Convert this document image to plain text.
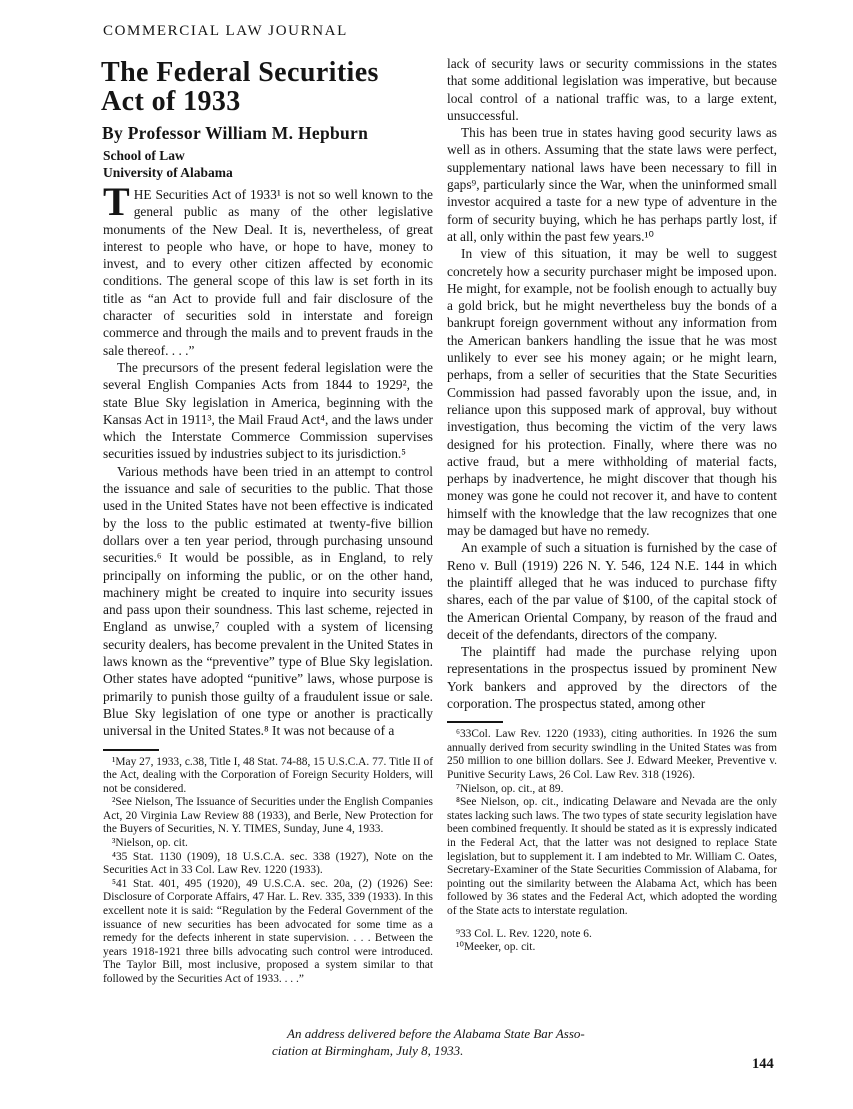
COMMERCIAL LAW JOURNAL
The Federal Securities
Act of 1933
By Professor William M. Hepburn
School of Law
University of Alabama

THE Securities Act of 1933¹ is not so well known to the general public as many of the other legislative monuments of the New Deal. It is, nevertheless, of great interest to people who have, or hope to have, money to invest, and to every other citizen affected by economic conditions. The general scope of this law is set forth in its title as “an Act to provide full and fair disclosure of the character of securities sold in interstate and foreign commerce and through the mails and to prevent frauds in the sale thereof. . . .”

The precursors of the present federal legislation were the several English Companies Acts from 1844 to 1929², the state Blue Sky legislation in America, beginning with the Kansas Act in 1911³, the Mail Fraud Act⁴, and the laws under which the Interstate Commerce Commission supervises securities issued by industries subject to its jurisdiction.⁵

Various methods have been tried in an attempt to control the issuance and sale of securities to the public. That those used in the United States have not been effective is indicated by the loss to the public estimated at twenty-five billion dollars over a ten year period, through purchasing unsound securities.⁶ It would be possible, as in England, to rely principally on informing the public, or on the other hand, machinery might be created to inquire into security issues and pass upon their soundness. This last scheme, rejected in England as unwise,⁷ coupled with a system of licensing security dealers, has become prevalent in the United States in laws known as the “preventive” type of Blue Sky legislation. Other states have adopted “punitive” laws, whose purpose is primarily to punish those guilty of a fraudulent issue or sale. Blue Sky legislation of one type or another is practically universal in the United States.⁸ It was not because of a

¹May 27, 1933, c.38, Title I, 48 Stat. 74-88, 15 U.S.C.A. 77. Title II of the Act, dealing with the Corporation of Foreign Security Holders, will not be considered.

²See Nielson, The Issuance of Securities under the English Companies Act, 20 Virginia Law Review 88 (1933), and Berle, New Protection for the Buyers of Securities, N. Y. TIMES, Sunday, June 4, 1933.

³Nielson, op. cit.

⁴35 Stat. 1130 (1909), 18 U.S.C.A. sec. 338 (1927), Note on the Securities Act in 33 Col. Law Rev. 1220 (1933).

⁵41 Stat. 401, 495 (1920), 49 U.S.C.A. sec. 20a, (2) (1926) See: Disclosure of Corporate Affairs, 47 Har. L. Rev. 335, 339 (1933). In this excellent note it is said: “Regulation by the Federal Government of the issuance of new securities has been advocated for some time as a remedy for the defects inherent in state supervision. . . . Between the years 1918-1921 three bills advocating such control were introduced. The Taylor Bill, most inclusive, proposed a system similar to that followed by the Securities Act of 1933. . . .”

lack of security laws or security commissions in the states that some additional legislation was imperative, but because local control of a national traffic was, to a large extent, unsuccessful.

This has been true in states having good security laws as well as in others. Assuming that the state laws were perfect, supplementary national laws have been necessary to fill in gaps⁹, particularly since the War, when the uninformed small investor acquired a taste for a new type of adventure in the form of security buying, which he has perhaps partly lost, if at all, only within the past few years.¹⁰

In view of this situation, it may be well to suggest concretely how a security purchaser might be imposed upon. He might, for example, not be foolish enough to actually buy a gold brick, but he might nevertheless buy the bonds of a bankrupt foreign government without any information from the American bankers handling the issue that he was most unlikely to ever see his money again; or he might learn, perhaps, from a seller of securities that the State Securities Commission had passed favorably upon the issue, and, in reliance upon this supposed mark of approval, buy without investigation, thus becoming the victim of the very laws designed for his protection. Finally, where there was no active fraud, but a mere withholding of material facts, perhaps by inadvertence, he might discover that though his money was gone he could not recover it, and have to content himself with the knowledge that the law recognizes that one may be damaged but have no remedy.

An example of such a situation is furnished by the case of Reno v. Bull (1919) 226 N. Y. 546, 124 N.E. 144 in which the plaintiff alleged that he was induced to purchase fifty shares, each of the par value of $100, of the capital stock of the American Oriental Company, by reason of the fraud and deceit of the defendants, directors of the company.

The plaintiff had made the purchase relying upon representations in the prospectus issued by prominent New York bankers and approved by the directors of the corporation. The prospectus stated, among other

⁶33Col. Law Rev. 1220 (1933), citing authorities. In 1926 the sum annually derived from security swindling in the United States was from 250 million to one billion dollars. See J. Edward Meeker, Preventive v. Punitive Security Laws, 26 Col. Law Rev. 318 (1926).

⁷Nielson, op. cit., at 89.

⁸See Nielson, op. cit., indicating Delaware and Nevada are the only states lacking such laws. The two types of state security legislation have been combined frequently. It should be stated as it is expressly indicated in the Federal Act, that the latter was not designed to replace State legislation, but to supplement it. I am indebted to Mr. William C. Oates, Secretary-Examiner of the State Securities Commission of Alabama, for pointing out the similarity between the Alabama Act, which has been followed by 36 states and the Federal Act, which adopted the wording of the State acts to interstate regulation.

⁹33 Col. L. Rev. 1220, note 6.

¹⁰Meeker, op. cit.

An address delivered before the Alabama State Bar Asso-
ciation at Birmingham, July 8, 1933.
144
